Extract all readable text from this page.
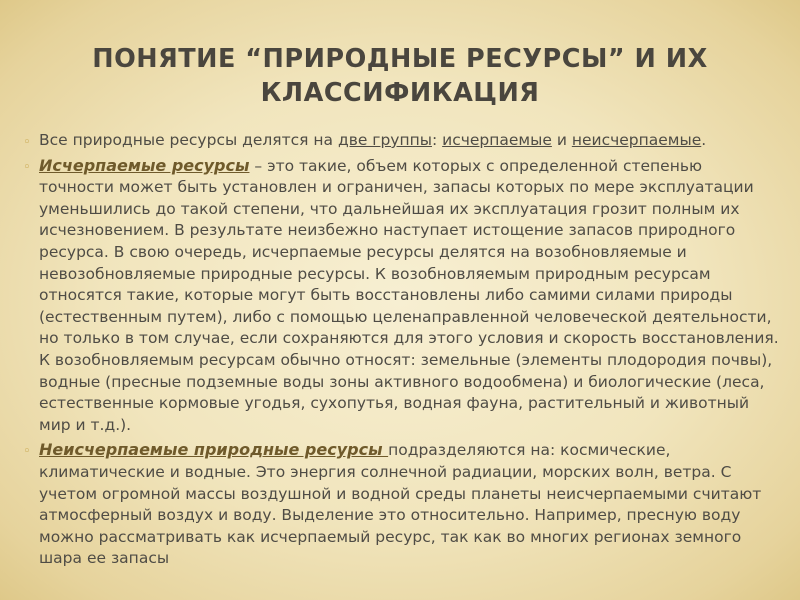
ПОНЯТИЕ “ПРИРОДНЫЕ РЕСУРСЫ” И ИХ
КЛАССИФИКАЦИЯ
◦ Все природные ресурсы делятся на две группы: исчерпаемые и неисчерпаемые.
◦ Исчерпаемые ресурсы – это такие, объем которых с определенной степенью точности может быть установлен и ограничен, запасы которых по мере эксплуатации уменьшились до такой степени, что дальнейшая их эксплуатация грозит полным их исчезновением. В результате неизбежно наступает истощение запасов природного ресурса. В свою очередь, исчерпаемые ресурсы делятся на возобновляемые и невозобновляемые природные ресурсы. К возобновляемым природным ресурсам относятся такие, которые могут быть восстановлены либо самими силами природы (естественным путем), либо с помощью целенаправленной человеческой деятельности, но только в том случае, если сохраняются для этого условия и скорость восстановления. К возобновляемым ресурсам обычно относят: земельные (элементы плодородия почвы), водные (пресные подземные воды зоны активного водообмена) и биологические (леса, естественные кормовые угодья, сухопутья, водная фауна, растительный и животный мир и т.д.).
◦ Неисчерпаемые природные ресурсы подразделяются на: космические, климатические и водные. Это энергия солнечной радиации, морских волн, ветра. С учетом огромной массы воздушной и водной среды планеты неисчерпаемыми считают атмосферный воздух и воду. Выделение это относительно. Например, пресную воду можно рассматривать как исчерпаемый ресурс, так как во многих регионах земного шара ее запасы
